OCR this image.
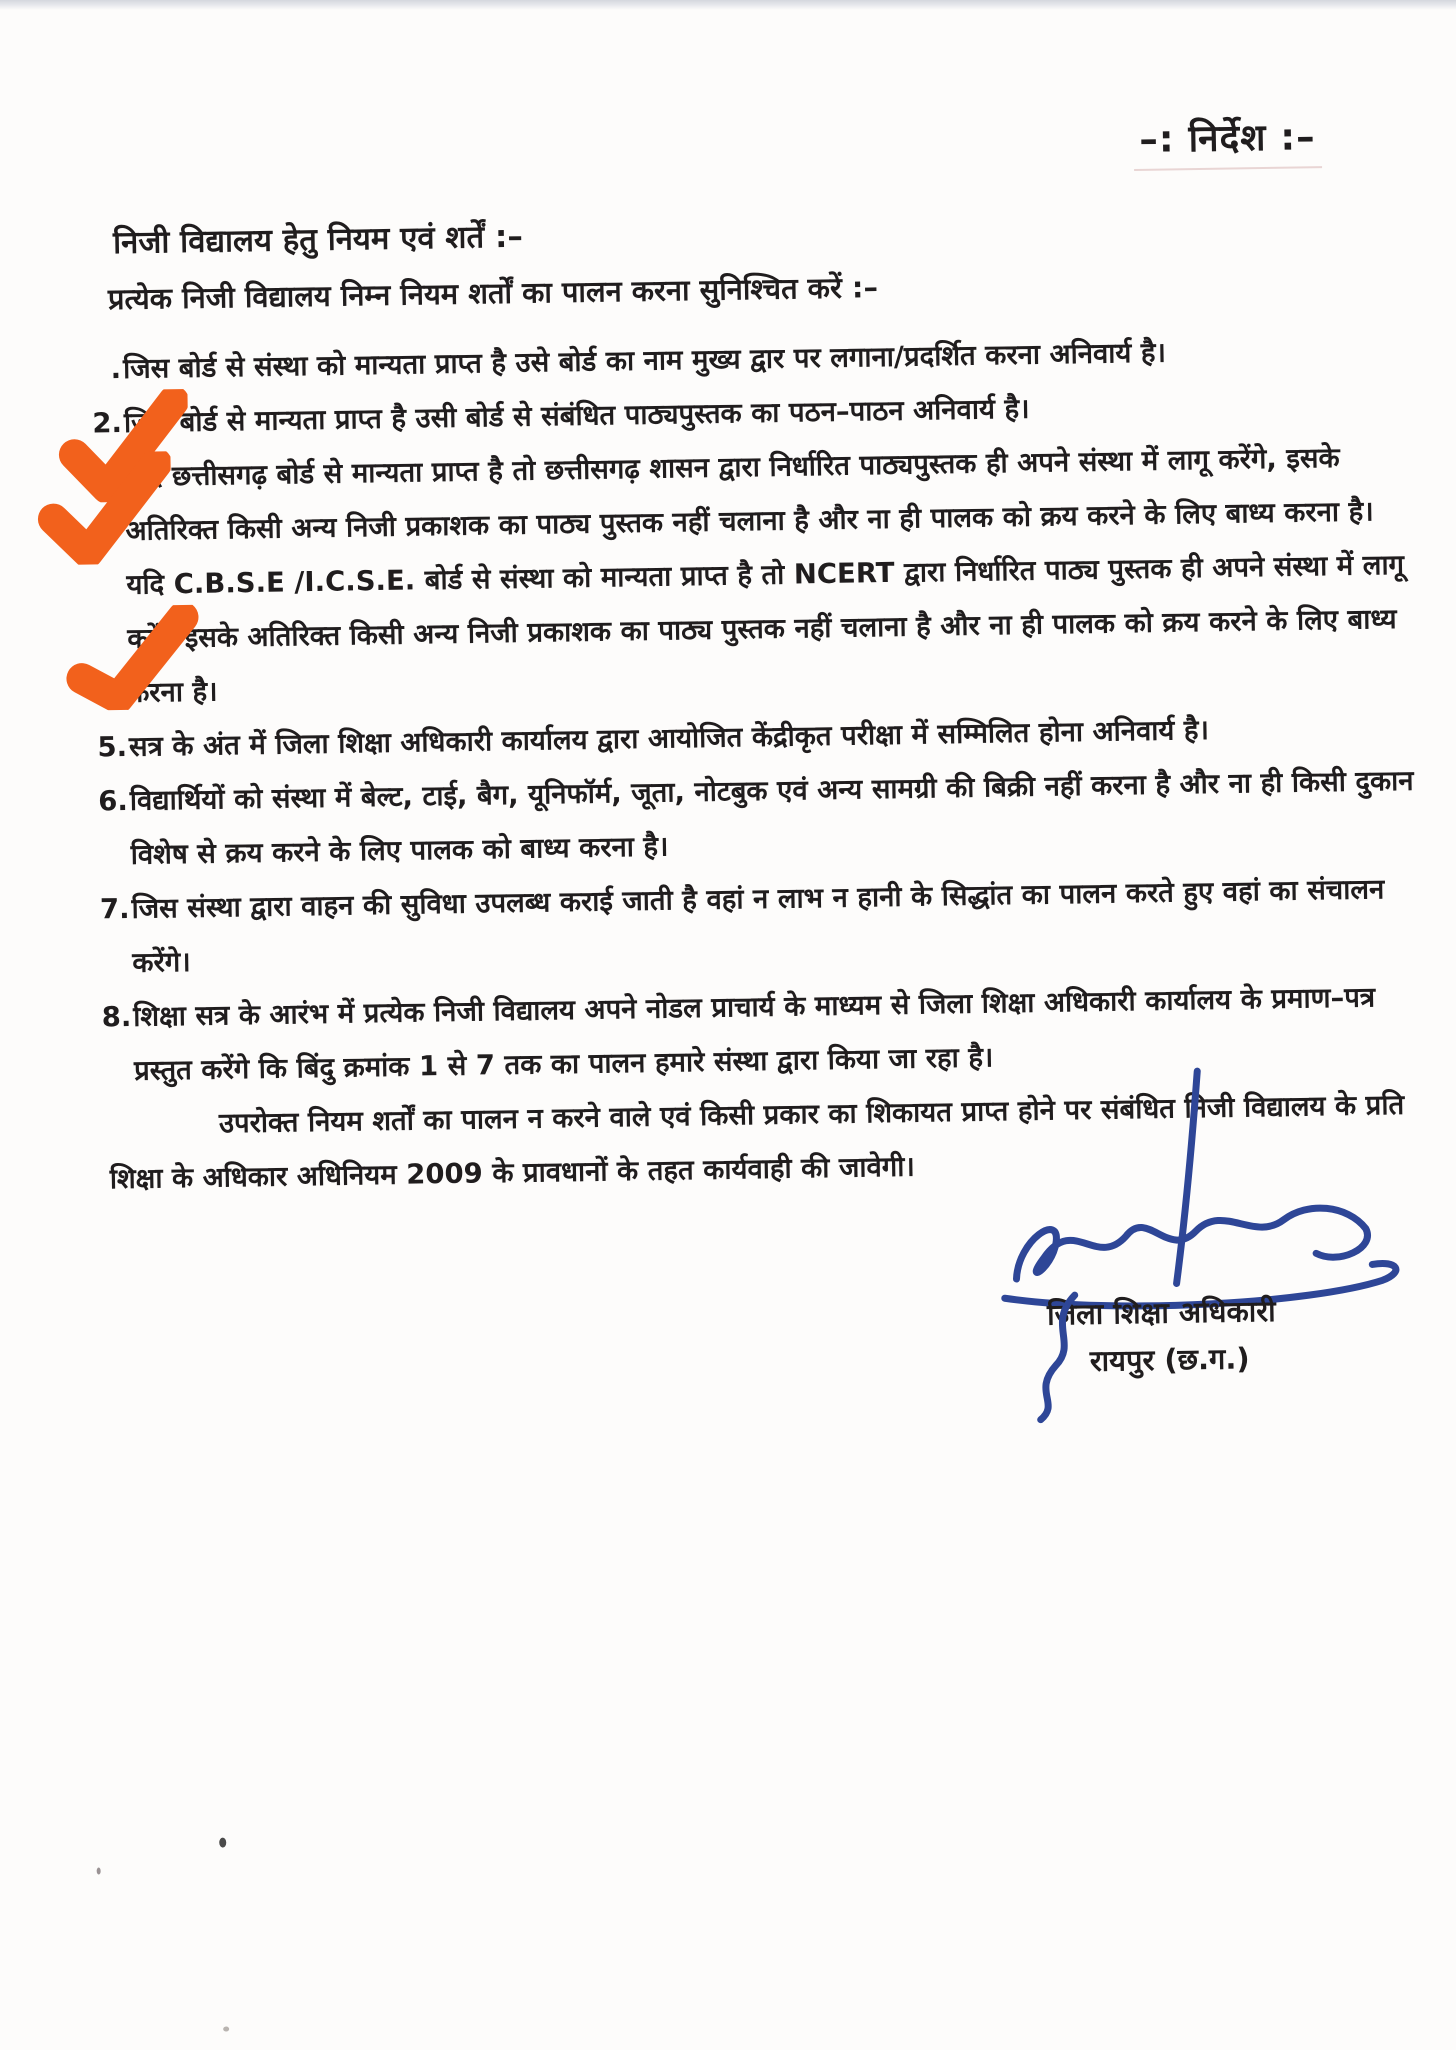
–: निर्देश :–
निजी विद्यालय हेतु नियम एवं शर्तें :–
प्रत्येक निजी विद्यालय निम्न नियम शर्तों का पालन करना सुनिश्चित करें :–
. जिस बोर्ड से संस्था को मान्यता प्राप्त है उसे बोर्ड का नाम मुख्य द्वार पर लगाना/प्रदर्शित करना अनिवार्य है।
2. जिस बोर्ड से मान्यता प्राप्त है उसी बोर्ड से संबंधित पाठ्यपुस्तक का पठन–पाठन अनिवार्य है।
यदि छत्तीसगढ़ बोर्ड से मान्यता प्राप्त है तो छत्तीसगढ़ शासन द्वारा निर्धारित पाठ्यपुस्तक ही अपने संस्था में लागू करेंगे, इसके अतिरिक्त किसी अन्य निजी प्रकाशक का पाठ्य पुस्तक नहीं चलाना है और ना ही पालक को क्रय करने के लिए बाध्य करना है।
यदि C.B.S.E /I.C.S.E. बोर्ड से संस्था को मान्यता प्राप्त है तो NCERT द्वारा निर्धारित पाठ्य पुस्तक ही अपने संस्था में लागू करेंगे इसके अतिरिक्त किसी अन्य निजी प्रकाशक का पाठ्य पुस्तक नहीं चलाना है और ना ही पालक को क्रय करने के लिए बाध्य करना है।
5. सत्र के अंत में जिला शिक्षा अधिकारी कार्यालय द्वारा आयोजित केंद्रीकृत परीक्षा में सम्मिलित होना अनिवार्य है।
6. विद्यार्थियों को संस्था में बेल्ट, टाई, बैग, यूनिफॉर्म, जूता, नोटबुक एवं अन्य सामग्री की बिक्री नहीं करना है और ना ही किसी दुकान विशेष से क्रय करने के लिए पालक को बाध्य करना है।
7. जिस संस्था द्वारा वाहन की सुविधा उपलब्ध कराई जाती है वहां न लाभ न हानी के सिद्धांत का पालन करते हुए वहां का संचालन करेंगे।
8. शिक्षा सत्र के आरंभ में प्रत्येक निजी विद्यालय अपने नोडल प्राचार्य के माध्यम से जिला शिक्षा अधिकारी कार्यालय के प्रमाण–पत्र प्रस्तुत करेंगे कि बिंदु क्रमांक 1 से 7 तक का पालन हमारे संस्था द्वारा किया जा रहा है।
उपरोक्त नियम शर्तों का पालन न करने वाले एवं किसी प्रकार का शिकायत प्राप्त होने पर संबंधित निजी विद्यालय के प्रति शिक्षा के अधिकार अधिनियम 2009 के प्रावधानों के तहत कार्यवाही की जावेगी।
जिला शिक्षा अधिकारी
रायपुर (छ.ग.)
